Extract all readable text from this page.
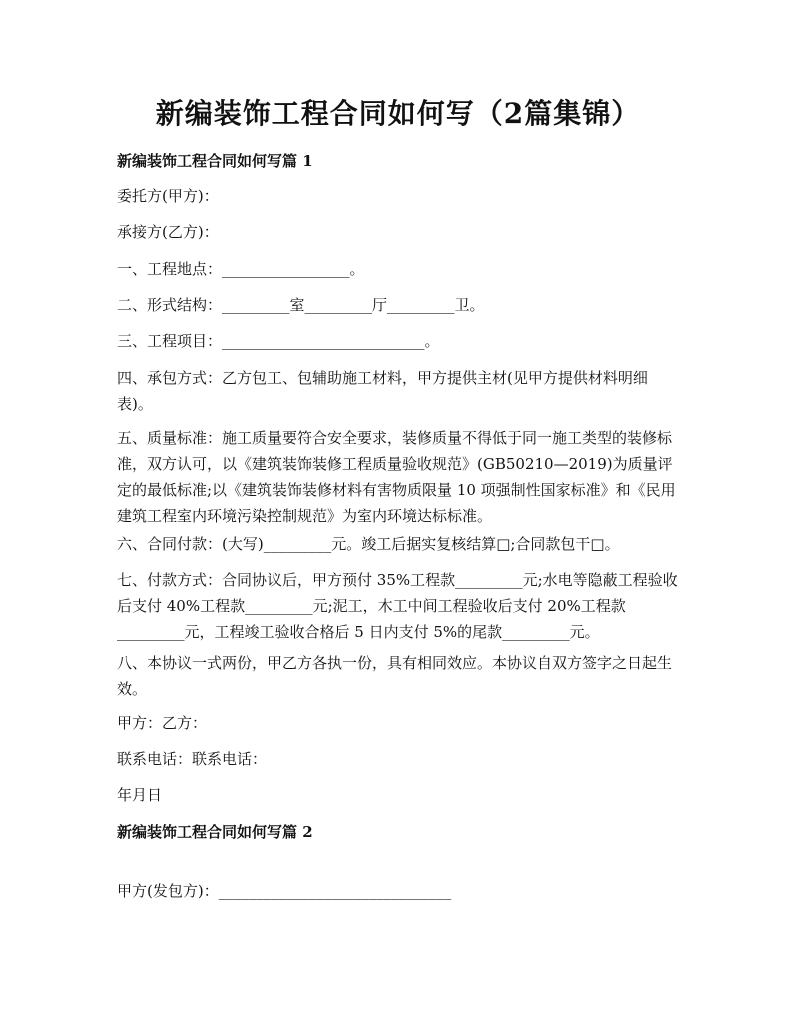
新编装饰工程合同如何写（2篇集锦）
新编装饰工程合同如何写篇 1
委托方(甲方)：
承接方(乙方)：
一、工程地点：_________________。
二、形式结构：_________室_________厅_________卫。
三、工程项目：___________________________。
四、承包方式：乙方包工、包辅助施工材料，甲方提供主材(见甲方提供材料明细表)。
五、质量标准：施工质量要符合安全要求，装修质量不得低于同一施工类型的装修标准，双方认可，以《建筑装饰装修工程质量验收规范》(GB50210—2019)为质量评定的最低标准;以《建筑装饰装修材料有害物质限量 10 项强制性国家标准》和《民用建筑工程室内环境污染控制规范》为室内环境达标标准。
六、合同付款：(大写)_________元。竣工后据实复核结算□;合同款包干□。
七、付款方式：合同协议后，甲方预付 35%工程款_________元;水电等隐蔽工程验收后支付 40%工程款_________元;泥工，木工中间工程验收后支付 20%工程款_________元，工程竣工验收合格后 5 日内支付 5%的尾款_________元。
八、本协议一式两份，甲乙方各执一份，具有相同效应。本协议自双方签字之日起生效。
甲方：乙方：
联系电话：联系电话：
年月日
新编装饰工程合同如何写篇 2
甲方(发包方)：_______________________________
